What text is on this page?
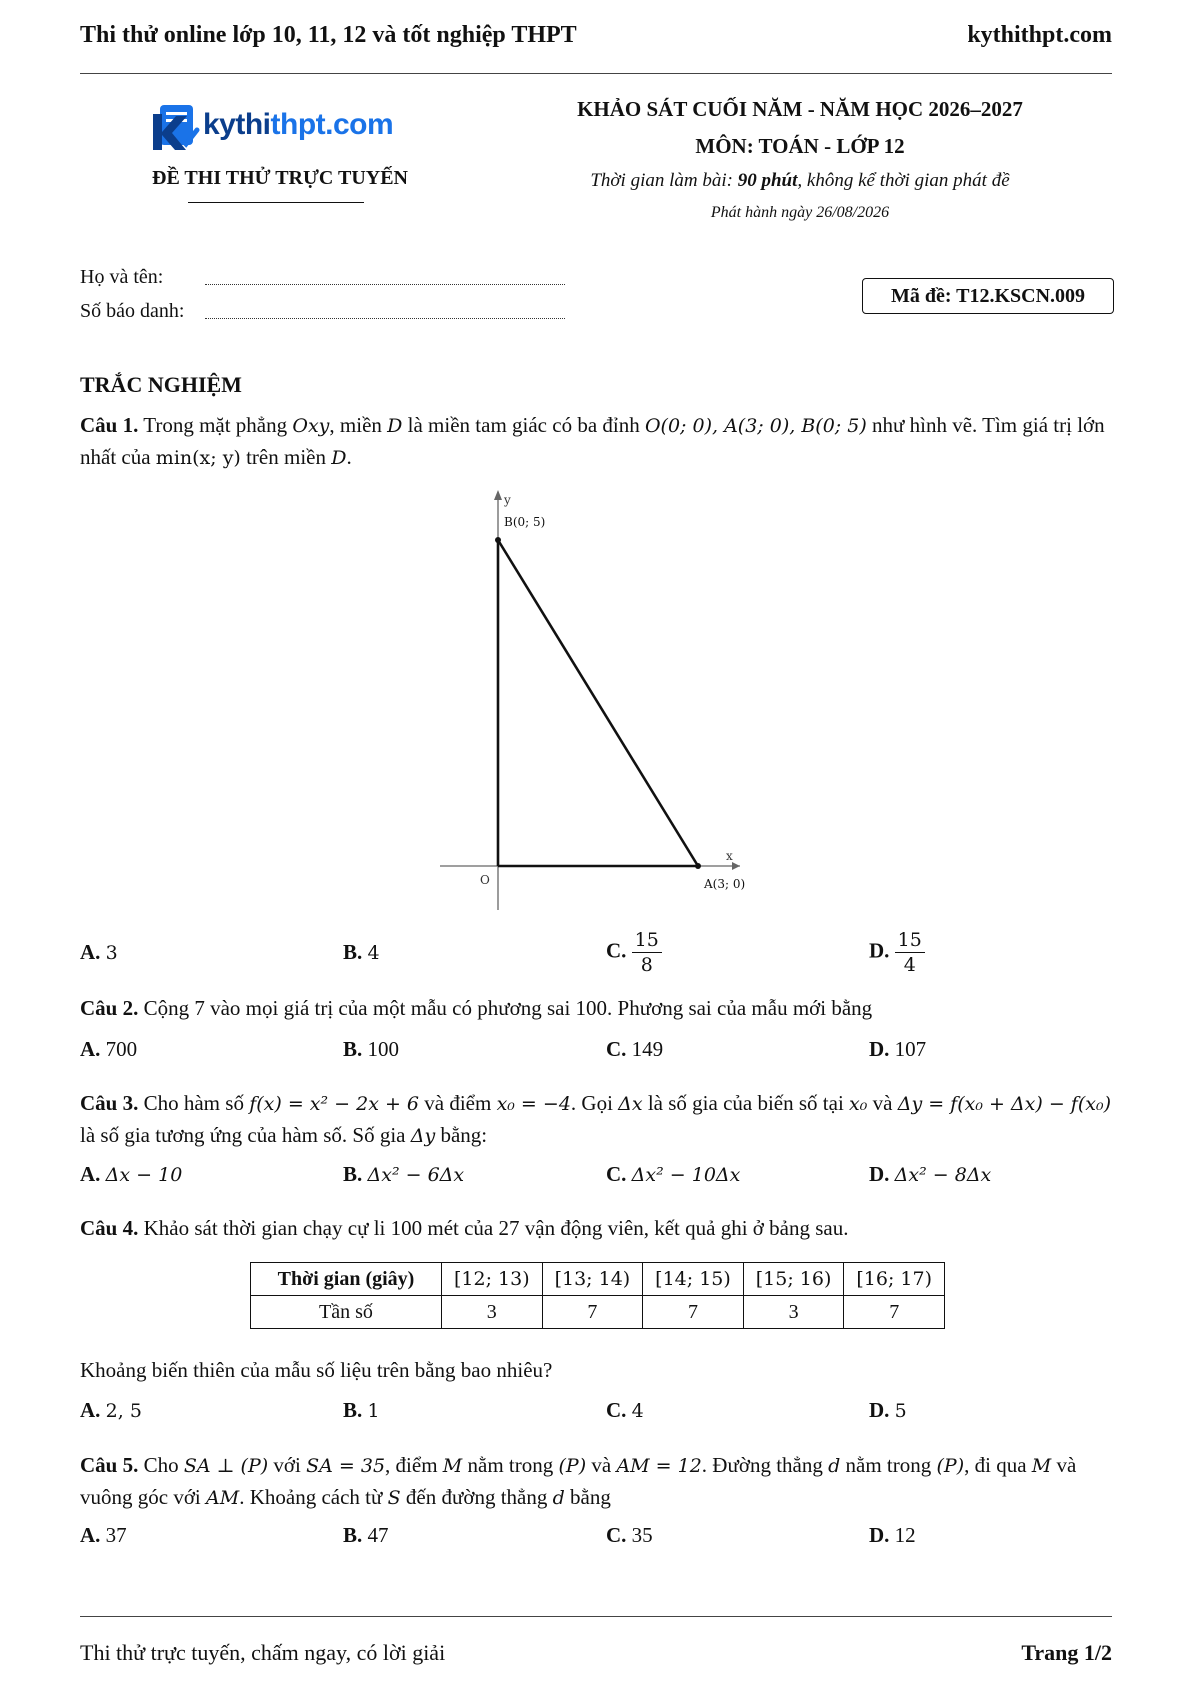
Thi thử online lớp 10, 11, 12 và tốt nghiệp THPT	kythithpt.com
kythithpt.com
ĐỀ THI THỬ TRỰC TUYẾN
KHẢO SÁT CUỐI NĂM - NĂM HỌC 2026–2027
MÔN: TOÁN - LỚP 12
Thời gian làm bài: 90 phút, không kể thời gian phát đề
Phát hành ngày 26/08/2026
Họ và tên:
Số báo danh:
Mã đề: T12.KSCN.009
TRẮC NGHIỆM
Câu 1. Trong mặt phẳng Oxy, miền D là miền tam giác có ba đỉnh O(0; 0), A(3; 0), B(0; 5) như hình vẽ. Tìm giá trị lớn nhất của min(x; y) trên miền D.
y
B(0; 5)
x
O	A(3; 0)
A. 3	B. 4	C. $\frac{15}{8}$	D. $\frac{15}{4}$
Câu 2. Cộng 7 vào mọi giá trị của một mẫu có phương sai 100. Phương sai của mẫu mới bằng
A. 700	B. 100	C. 149	D. 107
Câu 3. Cho hàm số f(x) = x² − 2x + 6 và điểm x₀ = −4. Gọi Δx là số gia của biến số tại x₀ và Δy = f(x₀ + Δx) − f(x₀) là số gia tương ứng của hàm số. Số gia Δy bằng:
A. Δx − 10	B. Δx² − 6Δx	C. Δx² − 10Δx	D. Δx² − 8Δx
Câu 4. Khảo sát thời gian chạy cự li 100 mét của 27 vận động viên, kết quả ghi ở bảng sau.
Thời gian (giây)	[12; 13)	[13; 14)	[14; 15)	[15; 16)	[16; 17)
Tần số	3	7	7	3	7
Khoảng biến thiên của mẫu số liệu trên bằng bao nhiêu?
A. 2, 5	B. 1	C. 4	D. 5
Câu 5. Cho SA ⊥ (P) với SA = 35, điểm M nằm trong (P) và AM = 12. Đường thẳng d nằm trong (P), đi qua M và vuông góc với AM. Khoảng cách từ S đến đường thẳng d bằng
A. 37	B. 47	C. 35	D. 12
Thi thử trực tuyến, chấm ngay, có lời giải	Trang 1/2
